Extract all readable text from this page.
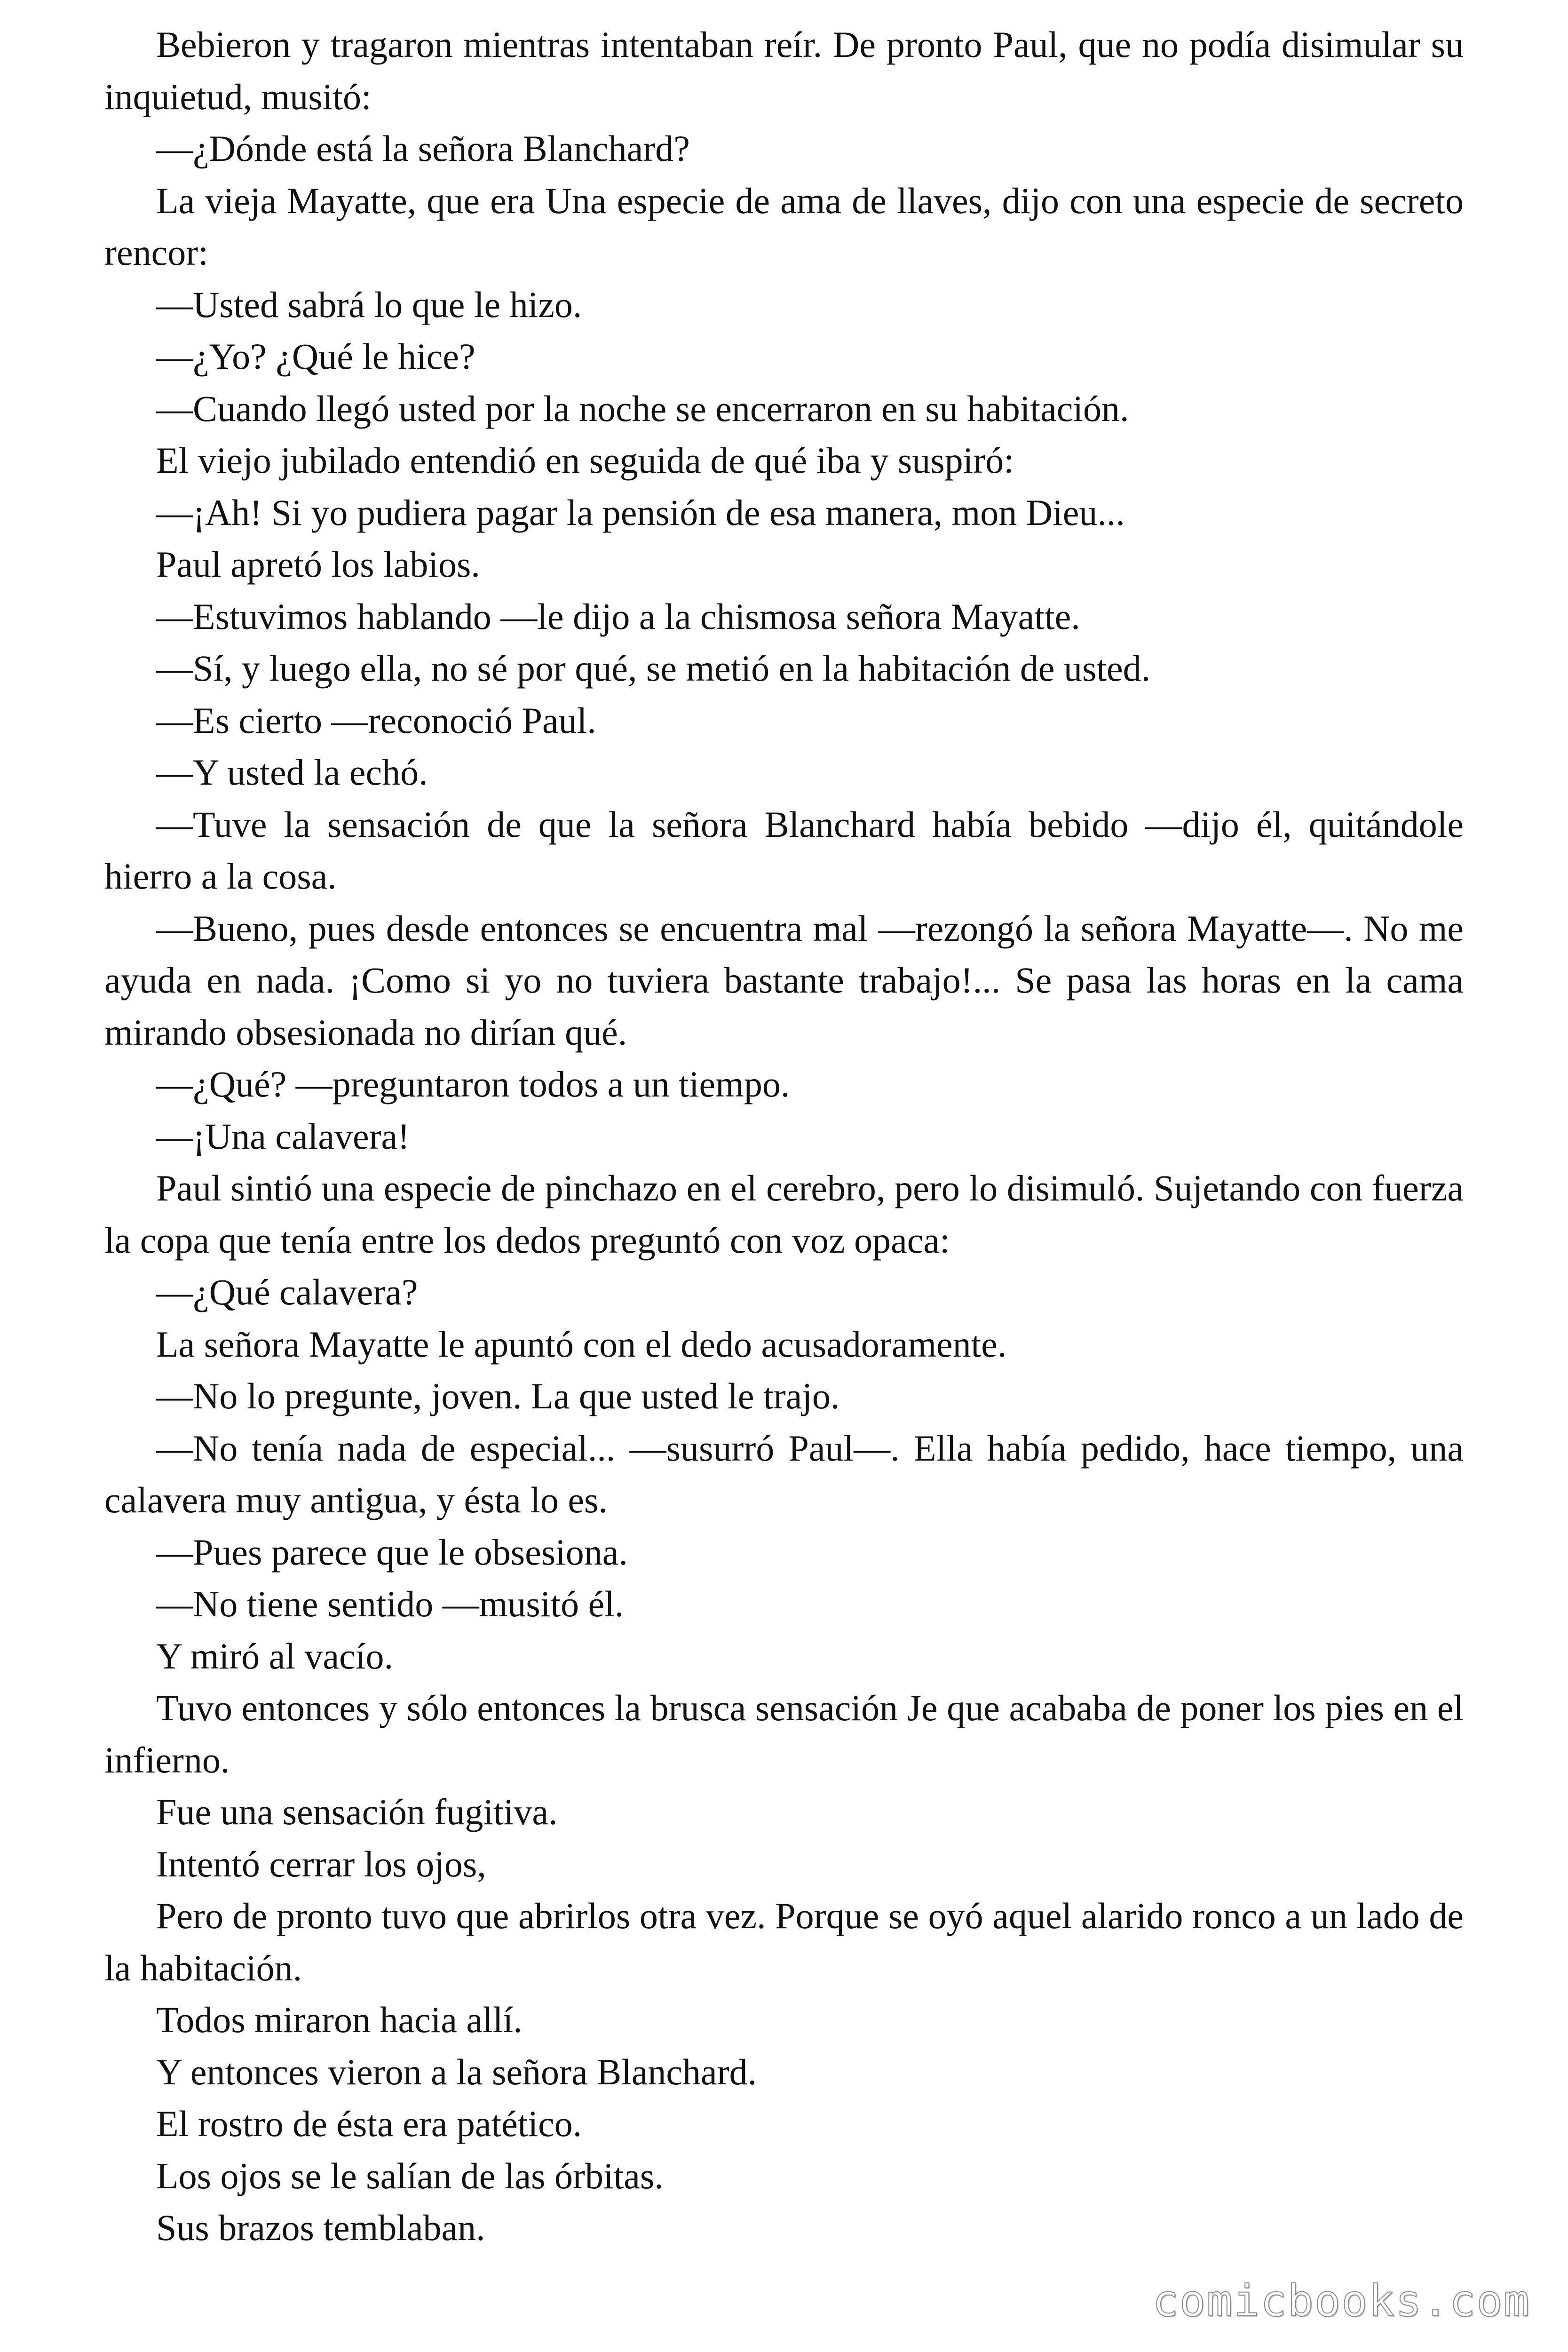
Bebieron y tragaron mientras intentaban reír. De pronto Paul, que no podía disimular su inquietud, musitó:

—¿Dónde está la señora Blanchard?

La vieja Mayatte, que era Una especie de ama de llaves, dijo con una especie de secreto rencor:

—Usted sabrá lo que le hizo.

—¿Yo? ¿Qué le hice?

—Cuando llegó usted por la noche se encerraron en su habitación.

El viejo jubilado entendió en seguida de qué iba y suspiró:

—¡Ah! Si yo pudiera pagar la pensión de esa manera, mon Dieu...

Paul apretó los labios.

—Estuvimos hablando —le dijo a la chismosa señora Mayatte.

—Sí, y luego ella, no sé por qué, se metió en la habitación de usted.

—Es cierto —reconoció Paul.

—Y usted la echó.

—Tuve la sensación de que la señora Blanchard había bebido —dijo él, quitándole hierro a la cosa.

—Bueno, pues desde entonces se encuentra mal —rezongó la señora Mayatte—. No me ayuda en nada. ¡Como si yo no tuviera bastante trabajo!... Se pasa las horas en la cama mirando obsesionada no dirían qué.

—¿Qué? —preguntaron todos a un tiempo.

—¡Una calavera!

Paul sintió una especie de pinchazo en el cerebro, pero lo disimuló. Sujetando con fuerza la copa que tenía entre los dedos preguntó con voz opaca:

—¿Qué calavera?

La señora Mayatte le apuntó con el dedo acusadoramente.

—No lo pregunte, joven. La que usted le trajo.

—No tenía nada de especial... —susurró Paul—. Ella había pedido, hace tiempo, una calavera muy antigua, y ésta lo es.

—Pues parece que le obsesiona.

—No tiene sentido —musitó él.

Y miró al vacío.

Tuvo entonces y sólo entonces la brusca sensación Je que acababa de poner los pies en el infierno.

Fue una sensación fugitiva.

Intentó cerrar los ojos,

Pero de pronto tuvo que abrirlos otra vez. Porque se oyó aquel alarido ronco a un lado de la habitación.

Todos miraron hacia allí.

Y entonces vieron a la señora Blanchard.

El rostro de ésta era patético.

Los ojos se le salían de las órbitas.

Sus brazos temblaban.

comicbooks.com
